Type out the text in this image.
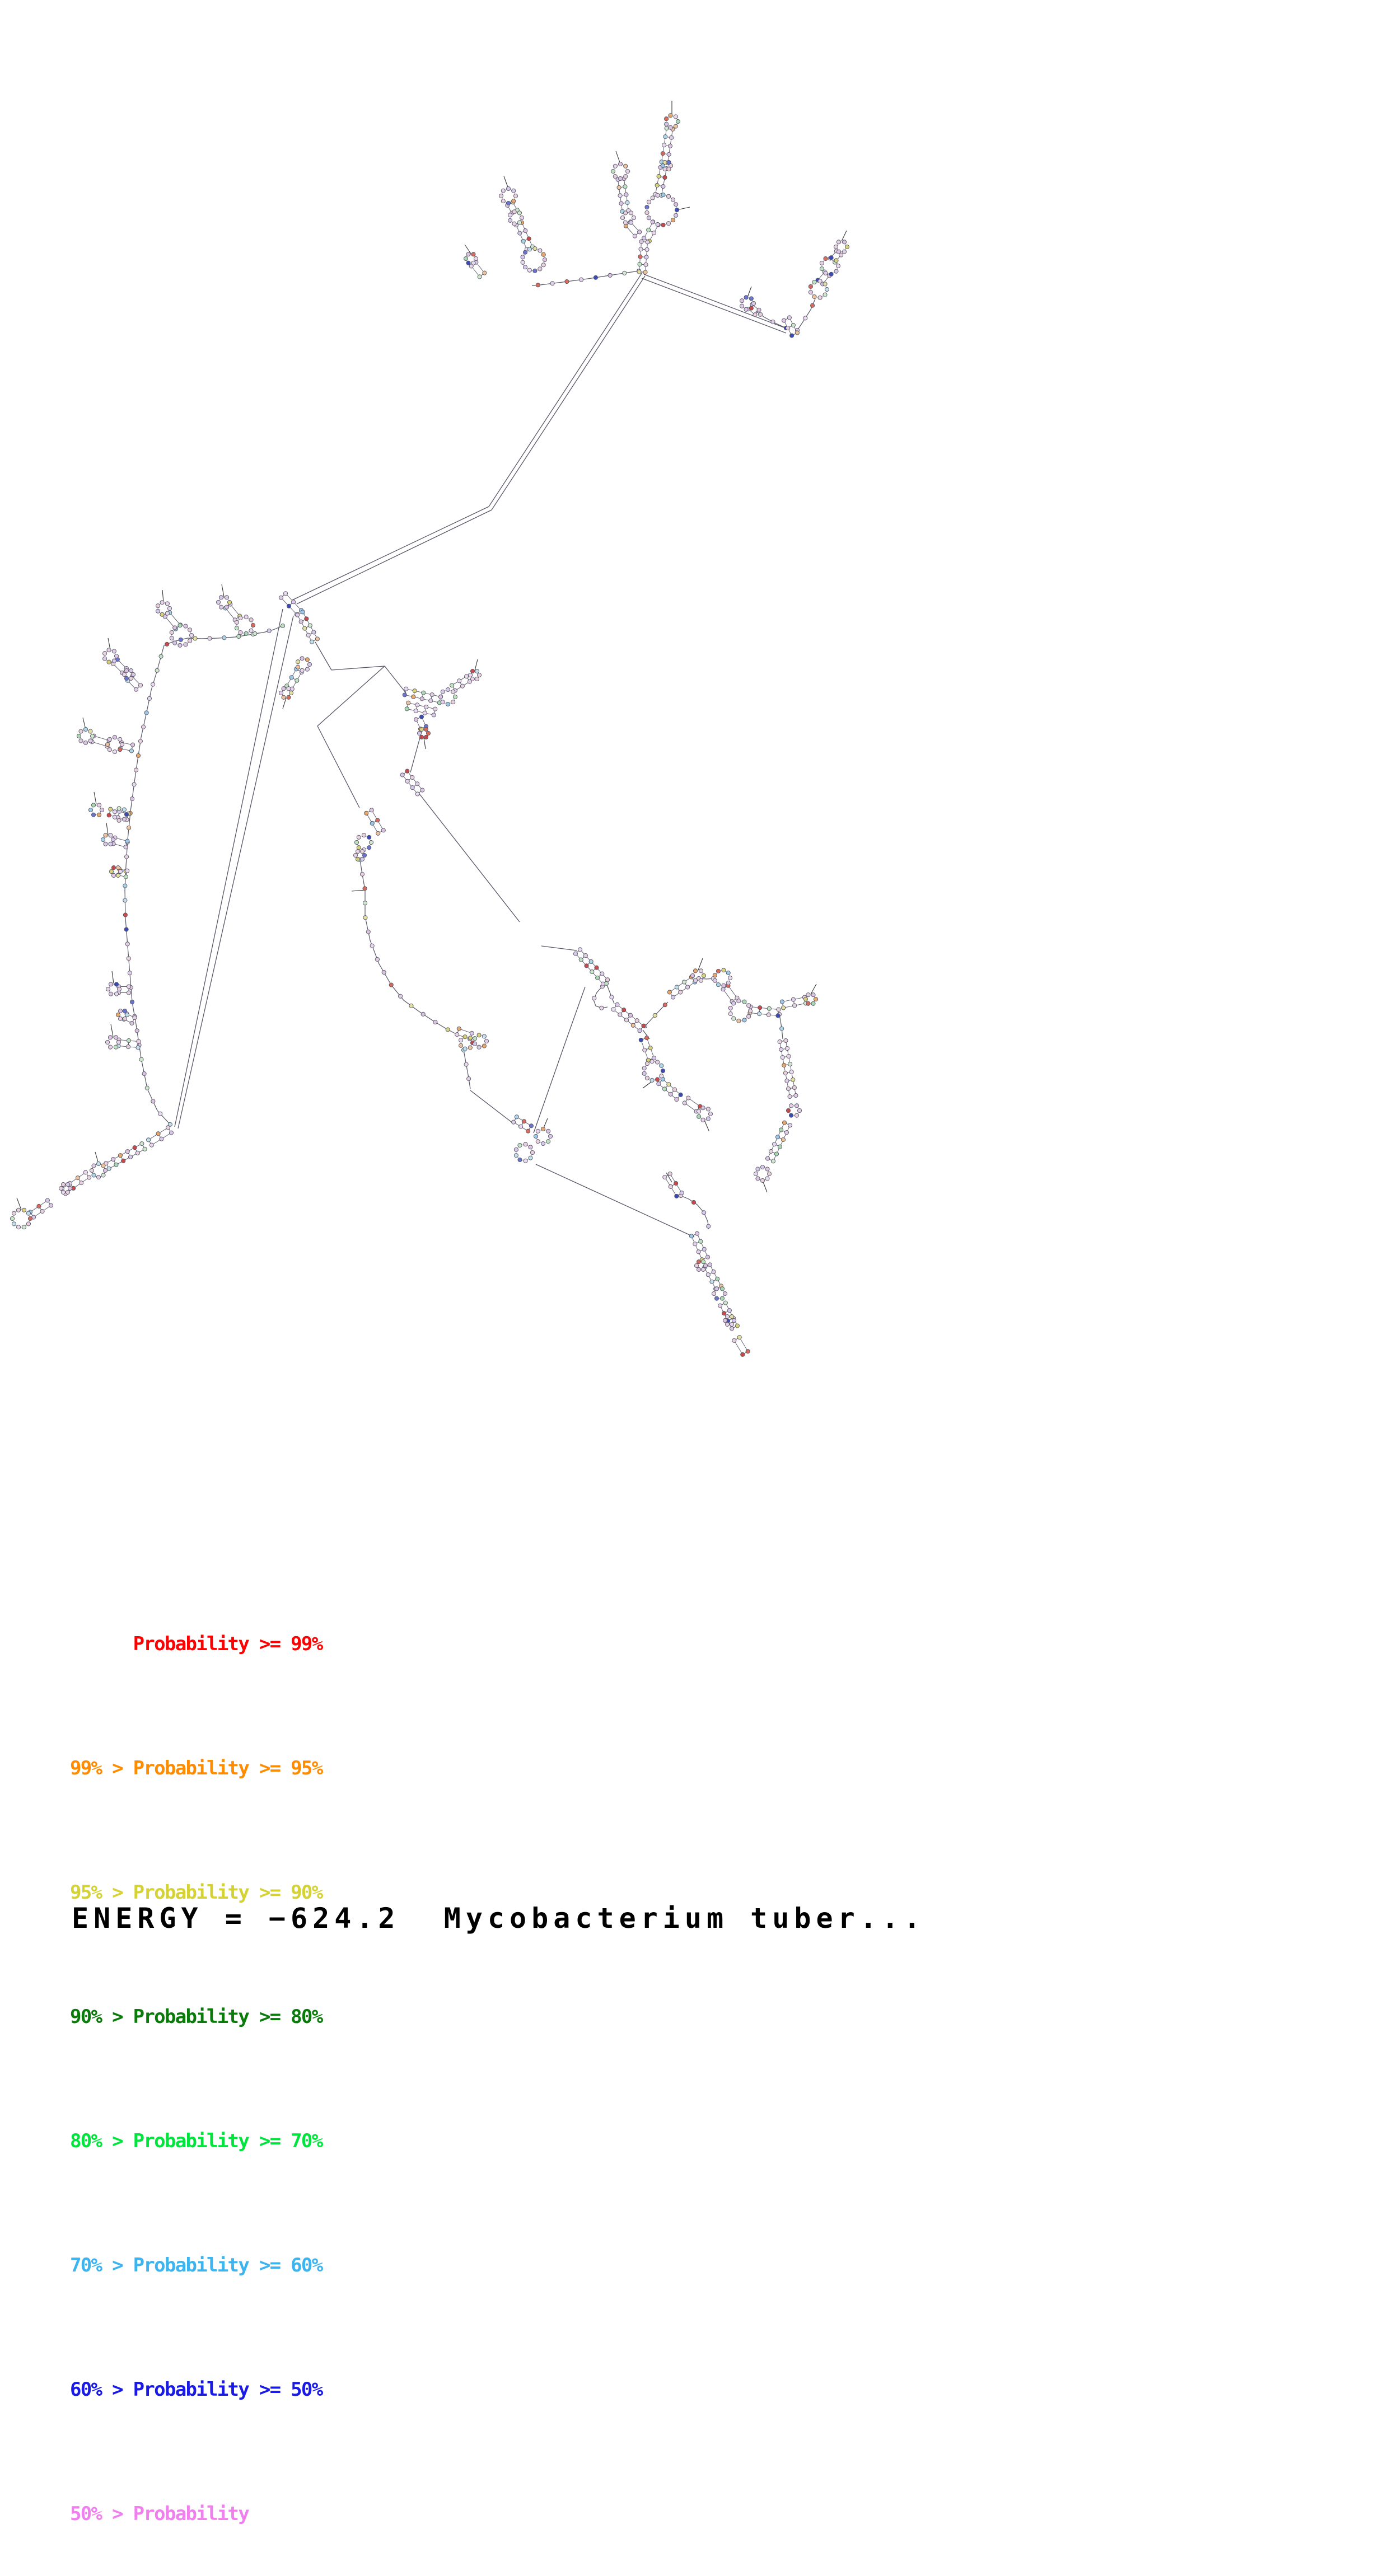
Probability >= 99%

99% > Probability >= 95%

95% > Probability >= 90%

90% > Probability >= 80%

80% > Probability >= 70%

70% > Probability >= 60%

60% > Probability >= 50%

50% > Probability

ENERGY = −624.2  Mycobacterium tuber...
